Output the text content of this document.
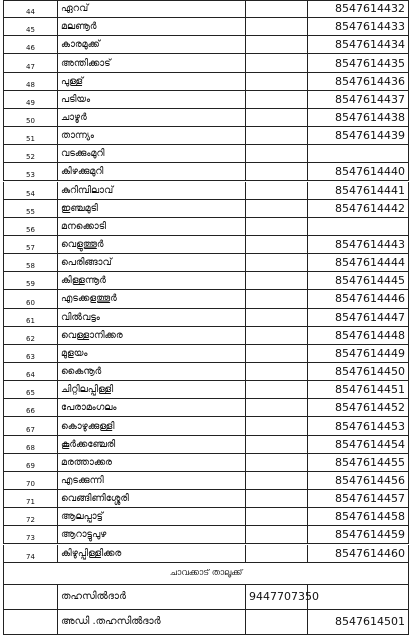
44	ഏറവ്	8547614432
45	മലണൂർ	8547614433
46	കാരമുക്ക്	8547614434
47	അന്തിക്കാട്	8547614435
48	പുള്ള്	8547614436
49	പടിയം	8547614437
50	ചാഴൂർ	8547614438
51	താന്ന്യം	8547614439
52	വടക്കുംമുറി
53	കിഴക്കുമുറി	8547614440
54	കുറിമ്പിലാവ്	8547614441
55	ഇഞ്ചമുടി	8547614442
56	മനക്കൊടി
57	വെളുത്തൂർ	8547614443
58	പെരിങ്ങാവ്	8547614444
59	കിള്ളന്നൂർ	8547614445
60	എടക്കളത്തൂർ	8547614446
61	വിൽവട്ടം	8547614447
62	വെള്ളാനിക്കര	8547614448
63	മുളയം	8547614449
64	കൈനൂർ	8547614450
65	ചിറ്റിലപ്പിള്ളി	8547614451
66	പേരാമംഗലം	8547614452
67	കൊഴുക്കുള്ളി	8547614453
68	കൂർക്കഞ്ചേരി	8547614454
69	മരത്താക്കര	8547614455
70	എടക്കുന്നി	8547614456
71	വെങ്ങിണിശ്ശേരി	8547614457
72	ആലപ്പാട്ട്	8547614458
73	ആറാട്ടുപുഴ	8547614459
74	കിഴുപ്പിള്ളിക്കര	8547614460
ചാവക്കാട് താലൂക്ക്
തഹസിൽദാർ	9447707350
അഡി .തഹസിൽദാർ	8547614501
